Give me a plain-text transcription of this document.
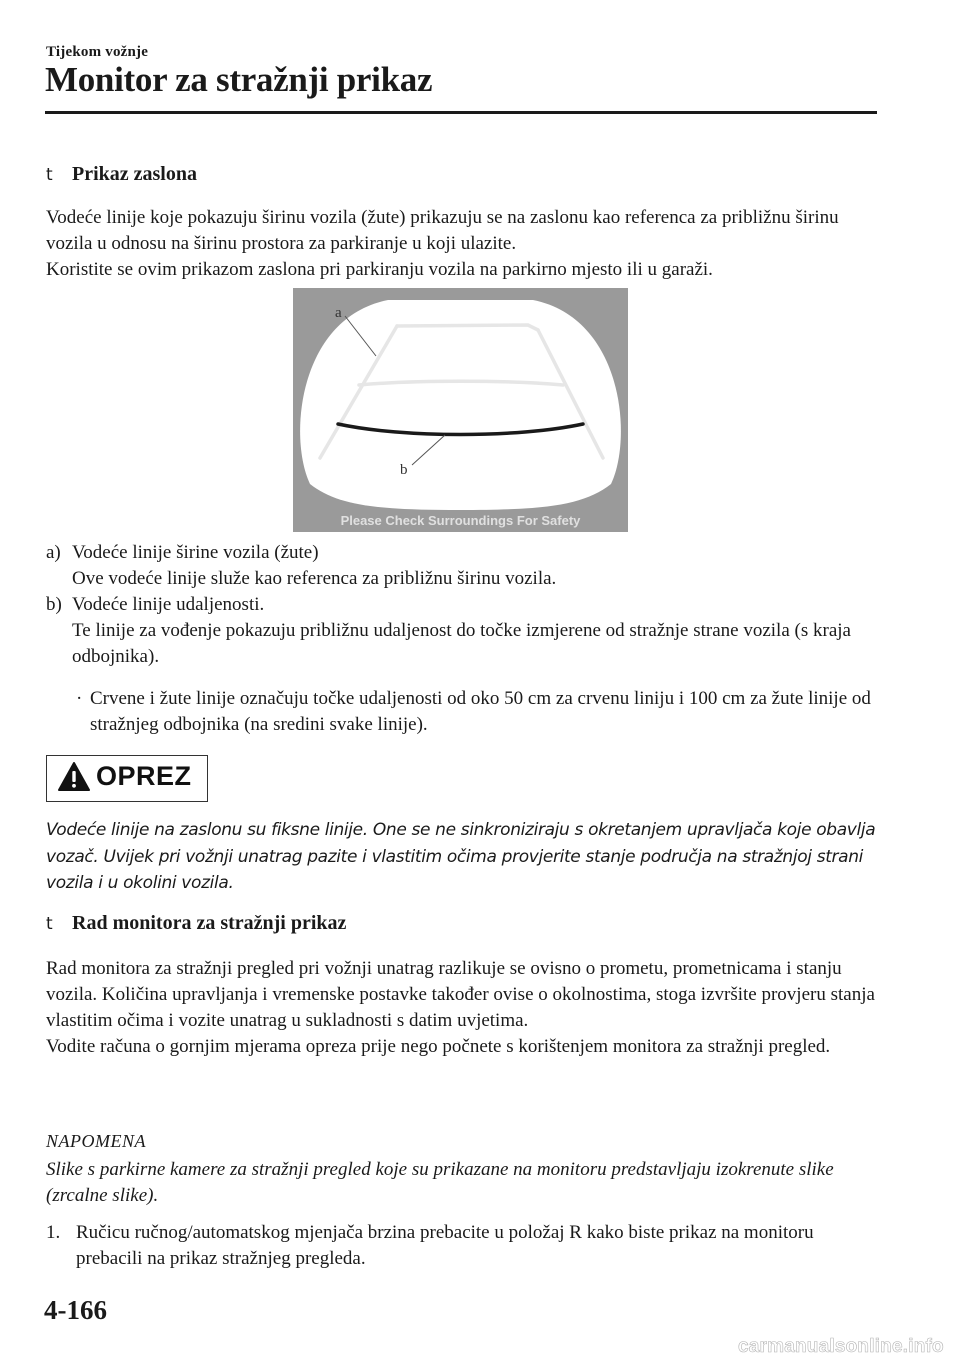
Tijekom vožnje
Monitor za stražnji prikaz
t Prikaz zaslona

Vodeće linije koje pokazuju širinu vozila (žute) prikazuju se na zaslonu kao referenca za približnu širinu vozila u odnosu na širinu prostora za parkiranje u koji ulazite.

Koristite se ovim prikazom zaslona pri parkiranju vozila na parkirno mjesto ili u garaži.

a
b
Please Check Surroundings For Safety
a) Vodeće linije širine vozila (žute)
Ove vodeće linije služe kao referenca za približnu širinu vozila.
b) Vodeće linije udaljenosti.
Te linije za vođenje pokazuju približnu udaljenost do točke izmjerene od stražnje strane vozila (s kraja odbojnika).
· Crvene i žute linije označuju točke udaljenosti od oko 50 cm za crvenu liniju i 100 cm za žute linije od stražnjeg odbojnika (na sredini svake linije).
OPREZ
Vodeće linije na zaslonu su fiksne linije. One se ne sinkroniziraju s okretanjem upravljača koje obavlja vozač. Uvijek pri vožnji unatrag pazite i vlastitim očima provjerite stanje područja na stražnjoj strani vozila i u okolini vozila.
t Rad monitora za stražnji prikaz

Rad monitora za stražnji pregled pri vožnji unatrag razlikuje se ovisno o prometu, prometnicama i stanju vozila. Količina upravljanja i vremenske postavke također ovise o okolnostima, stoga izvršite provjeru stanja vlastitim očima i vozite unatrag u sukladnosti s datim uvjetima.

Vodite računa o gornjim mjerama opreza prije nego počnete s korištenjem monitora za stražnji pregled.

NAPOMENA
Slike s parkirne kamere za stražnji pregled koje su prikazane na monitoru predstavljaju izokrenute slike (zrcalne slike).
1. Ručicu ručnog/automatskog mjenjača brzina prebacite u položaj R kako biste prikaz na monitoru prebacili na prikaz stražnjeg pregleda.
4-166
carmanualsonline.info
